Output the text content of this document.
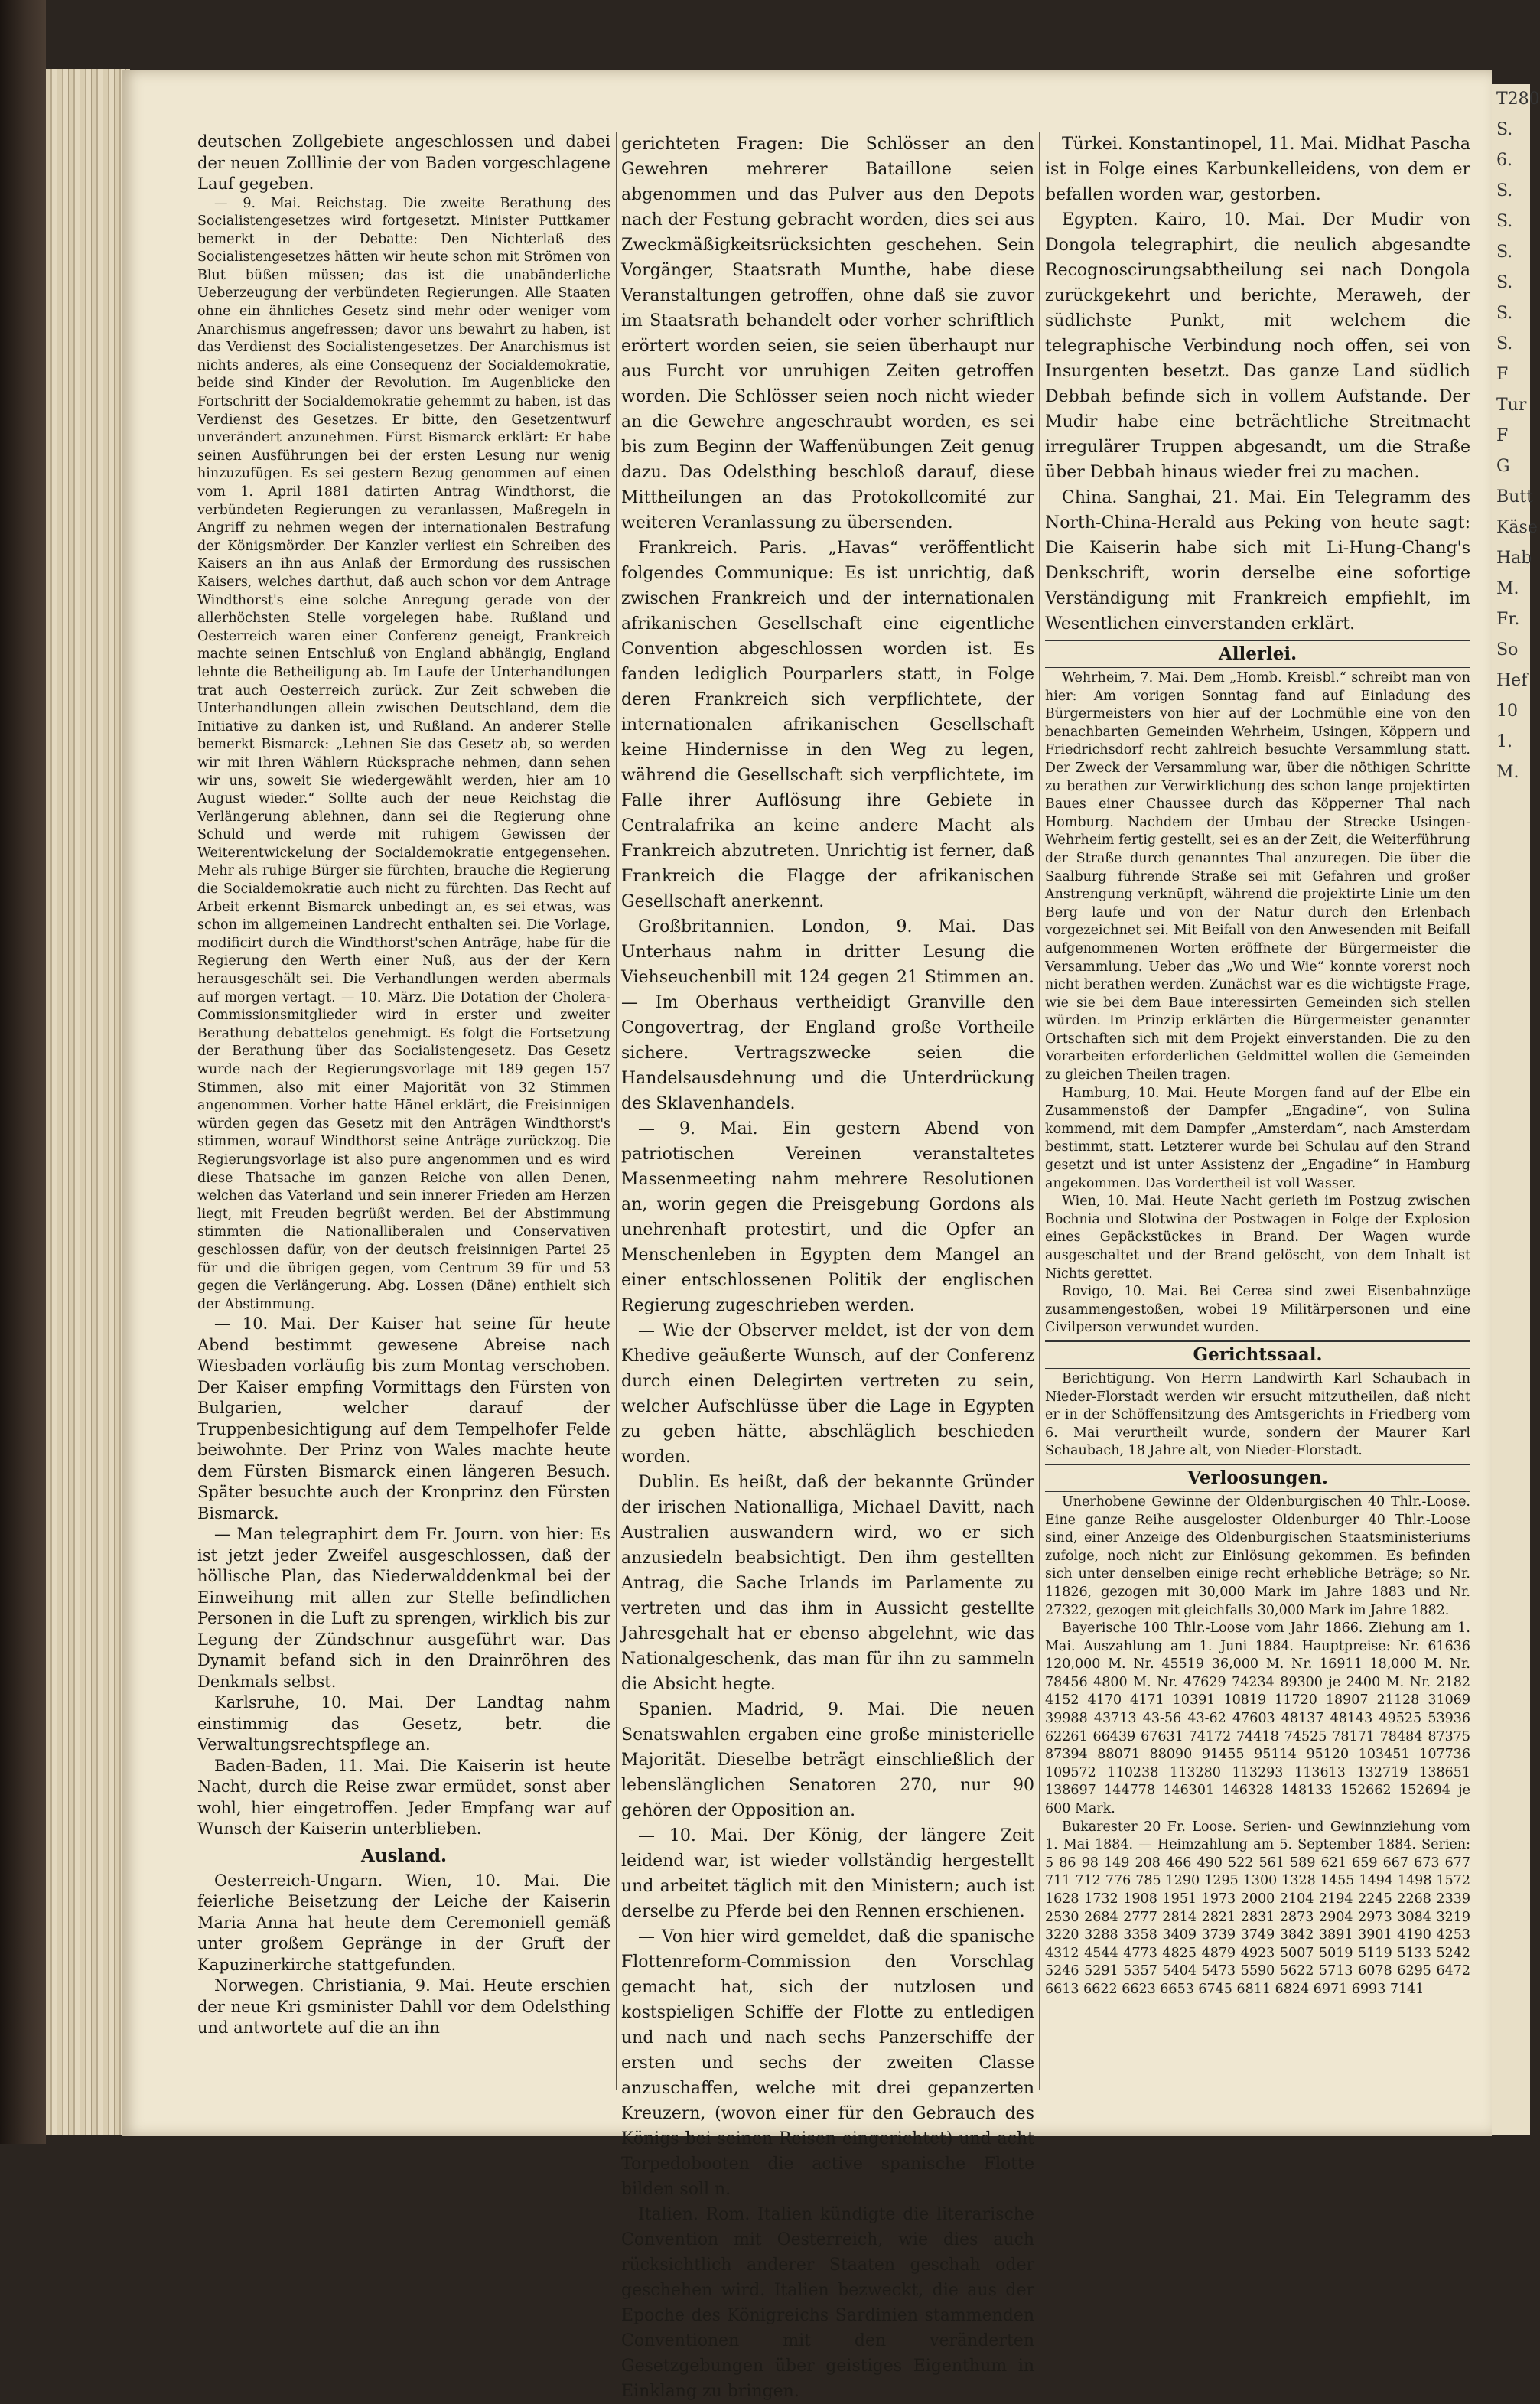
T280
S.
6.
S.
S.
S.
S.
S.
S.
F
Tur
F
G
Butt
Käse
Hab
M.
Fr.
So
Hef
10
1.
M.

deutschen Zollgebiete angeschlossen und dabei der neuen Zolllinie der von Baden vorgeschlagene Lauf gegeben.

— 9. Mai. Reichstag. Die zweite Berathung des Socialistengesetzes wird fortgesetzt. Minister Puttkamer bemerkt in der Debatte: Den Nichterlaß des Socialistengesetzes hätten wir heute schon mit Strömen von Blut büßen müssen; das ist die unabänderliche Ueberzeugung der verbündeten Regierungen. Alle Staaten ohne ein ähnliches Gesetz sind mehr oder weniger vom Anarchismus angefressen; davor uns bewahrt zu haben, ist das Verdienst des Socialistengesetzes. Der Anarchismus ist nichts anderes, als eine Consequenz der Socialdemokratie, beide sind Kinder der Revolution. Im Augenblicke den Fortschritt der Socialdemokratie gehemmt zu haben, ist das Verdienst des Gesetzes. Er bitte, den Gesetzentwurf unverändert anzunehmen. Fürst Bismarck erklärt: Er habe seinen Ausführungen bei der ersten Lesung nur wenig hinzuzufügen. Es sei gestern Bezug genommen auf einen vom 1. April 1881 datirten Antrag Windthorst, die verbündeten Regierungen zu veranlassen, Maßregeln in Angriff zu nehmen wegen der internationalen Bestrafung der Königsmörder. Der Kanzler verliest ein Schreiben des Kaisers an ihn aus Anlaß der Ermordung des russischen Kaisers, welches darthut, daß auch schon vor dem Antrage Windthorst's eine solche Anregung gerade von der allerhöchsten Stelle vorgelegen habe. Rußland und Oesterreich waren einer Conferenz geneigt, Frankreich machte seinen Entschluß von England abhängig, England lehnte die Betheiligung ab. Im Laufe der Unterhandlungen trat auch Oesterreich zurück. Zur Zeit schweben die Unterhandlungen allein zwischen Deutschland, dem die Initiative zu danken ist, und Rußland. An anderer Stelle bemerkt Bismarck: „Lehnen Sie das Gesetz ab, so werden wir mit Ihren Wählern Rücksprache nehmen, dann sehen wir uns, soweit Sie wiedergewählt werden, hier am 10 August wieder.“ Sollte auch der neue Reichstag die Verlängerung ablehnen, dann sei die Regierung ohne Schuld und werde mit ruhigem Gewissen der Weiterentwickelung der Socialdemokratie entgegensehen. Mehr als ruhige Bürger sie fürchten, brauche die Regierung die Socialdemokratie auch nicht zu fürchten. Das Recht auf Arbeit erkennt Bismarck unbedingt an, es sei etwas, was schon im allgemeinen Landrecht enthalten sei. Die Vorlage, modificirt durch die Windthorst'schen Anträge, habe für die Regierung den Werth einer Nuß, aus der der Kern herausgeschält sei. Die Verhandlungen werden abermals auf morgen vertagt. — 10. März. Die Dotation der Cholera-Commissionsmitglieder wird in erster und zweiter Berathung debattelos genehmigt. Es folgt die Fortsetzung der Berathung über das Socialistengesetz. Das Gesetz wurde nach der Regierungsvorlage mit 189 gegen 157 Stimmen, also mit einer Majorität von 32 Stimmen angenommen. Vorher hatte Hänel erklärt, die Freisinnigen würden gegen das Gesetz mit den Anträgen Windthorst's stimmen, worauf Windthorst seine Anträge zurückzog. Die Regierungsvorlage ist also pure angenommen und es wird diese Thatsache im ganzen Reiche von allen Denen, welchen das Vaterland und sein innerer Frieden am Herzen liegt, mit Freuden begrüßt werden. Bei der Abstimmung stimmten die Nationalliberalen und Conservativen geschlossen dafür, von der deutsch freisinnigen Partei 25 für und die übrigen gegen, vom Centrum 39 für und 53 gegen die Verlängerung. Abg. Lossen (Däne) enthielt sich der Abstimmung.

— 10. Mai. Der Kaiser hat seine für heute Abend bestimmt gewesene Abreise nach Wiesbaden vorläufig bis zum Montag verschoben. Der Kaiser empfing Vormittags den Fürsten von Bulgarien, welcher darauf der Truppenbesichtigung auf dem Tempelhofer Felde beiwohnte. Der Prinz von Wales machte heute dem Fürsten Bismarck einen längeren Besuch. Später besuchte auch der Kronprinz den Fürsten Bismarck.

— Man telegraphirt dem Fr. Journ. von hier: Es ist jetzt jeder Zweifel ausgeschlossen, daß der höllische Plan, das Niederwalddenkmal bei der Einweihung mit allen zur Stelle befindlichen Personen in die Luft zu sprengen, wirklich bis zur Legung der Zündschnur ausgeführt war. Das Dynamit befand sich in den Drainröhren des Denkmals selbst.

Karlsruhe, 10. Mai. Der Landtag nahm einstimmig das Gesetz, betr. die Verwaltungsrechtspflege an.

Baden-Baden, 11. Mai. Die Kaiserin ist heute Nacht, durch die Reise zwar ermüdet, sonst aber wohl, hier eingetroffen. Jeder Empfang war auf Wunsch der Kaiserin unterblieben.

Ausland.

Oesterreich-Ungarn. Wien, 10. Mai. Die feierliche Beisetzung der Leiche der Kaiserin Maria Anna hat heute dem Ceremoniell gemäß unter großem Gepränge in der Gruft der Kapuzinerkirche stattgefunden.

Norwegen. Christiania, 9. Mai. Heute erschien der neue Kri gsminister Dahll vor dem Odelsthing und antwortete auf die an ihn

gerichteten Fragen: Die Schlösser an den Gewehren mehrerer Bataillone seien abgenommen und das Pulver aus den Depots nach der Festung gebracht worden, dies sei aus Zweckmäßigkeitsrücksichten geschehen. Sein Vorgänger, Staatsrath Munthe, habe diese Veranstaltungen getroffen, ohne daß sie zuvor im Staatsrath behandelt oder vorher schriftlich erörtert worden seien, sie seien überhaupt nur aus Furcht vor unruhigen Zeiten getroffen worden. Die Schlösser seien noch nicht wieder an die Gewehre angeschraubt worden, es sei bis zum Beginn der Waffenübungen Zeit genug dazu. Das Odelsthing beschloß darauf, diese Mittheilungen an das Protokollcomité zur weiteren Veranlassung zu übersenden.

Frankreich. Paris. „Havas“ veröffentlicht folgendes Communique: Es ist unrichtig, daß zwischen Frankreich und der internationalen afrikanischen Gesellschaft eine eigentliche Convention abgeschlossen worden ist. Es fanden lediglich Pourparlers statt, in Folge deren Frankreich sich verpflichtete, der internationalen afrikanischen Gesellschaft keine Hindernisse in den Weg zu legen, während die Gesellschaft sich verpflichtete, im Falle ihrer Auflösung ihre Gebiete in Centralafrika an keine andere Macht als Frankreich abzutreten. Unrichtig ist ferner, daß Frankreich die Flagge der afrikanischen Gesellschaft anerkennt.

Großbritannien. London, 9. Mai. Das Unterhaus nahm in dritter Lesung die Viehseuchenbill mit 124 gegen 21 Stimmen an. — Im Oberhaus vertheidigt Granville den Congovertrag, der England große Vortheile sichere. Vertragszwecke seien die Handelsausdehnung und die Unterdrückung des Sklavenhandels.

— 9. Mai. Ein gestern Abend von patriotischen Vereinen veranstaltetes Massenmeeting nahm mehrere Resolutionen an, worin gegen die Preisgebung Gordons als unehrenhaft protestirt, und die Opfer an Menschenleben in Egypten dem Mangel an einer entschlossenen Politik der englischen Regierung zugeschrieben werden.

— Wie der Observer meldet, ist der von dem Khedive geäußerte Wunsch, auf der Conferenz durch einen Delegirten vertreten zu sein, welcher Aufschlüsse über die Lage in Egypten zu geben hätte, abschläglich beschieden worden.

Dublin. Es heißt, daß der bekannte Gründer der irischen Nationalliga, Michael Davitt, nach Australien auswandern wird, wo er sich anzusiedeln beabsichtigt. Den ihm gestellten Antrag, die Sache Irlands im Parlamente zu vertreten und das ihm in Aussicht gestellte Jahresgehalt hat er ebenso abgelehnt, wie das Nationalgeschenk, das man für ihn zu sammeln die Absicht hegte.

Spanien. Madrid, 9. Mai. Die neuen Senatswahlen ergaben eine große ministerielle Majorität. Dieselbe beträgt einschließlich der lebenslänglichen Senatoren 270, nur 90 gehören der Opposition an.

— 10. Mai. Der König, der längere Zeit leidend war, ist wieder vollständig hergestellt und arbeitet täglich mit den Ministern; auch ist derselbe zu Pferde bei den Rennen erschienen.

— Von hier wird gemeldet, daß die spanische Flottenreform-Commission den Vorschlag gemacht hat, sich der nutzlosen und kostspieligen Schiffe der Flotte zu entledigen und nach und nach sechs Panzerschiffe der ersten und sechs der zweiten Classe anzuschaffen, welche mit drei gepanzerten Kreuzern, (wovon einer für den Gebrauch des Königs bei seinen Reisen eingerichtet) und acht Torpedobooten die active spanische Flotte bilden soll n.

Italien. Rom. Italien kündigte die literarische Convention mit Oesterreich, wie dies auch rücksichtlich anderer Staaten geschah oder geschehen wird. Italien bezweckt, die aus der Epoche des Königreichs Sardinien stammenden Conventionen mit den veränderten Gesetzgebungen über geistiges Eigenthum in Einklang zu bringen.

Türkei. Konstantinopel, 11. Mai. Midhat Pascha ist in Folge eines Karbunkelleidens, von dem er befallen worden war, gestorben.

Egypten. Kairo, 10. Mai. Der Mudir von Dongola telegraphirt, die neulich abgesandte Recognoscirungsabtheilung sei nach Dongola zurückgekehrt und berichte, Meraweh, der südlichste Punkt, mit welchem die telegraphische Verbindung noch offen, sei von Insurgenten besetzt. Das ganze Land südlich Debbah befinde sich in vollem Aufstande. Der Mudir habe eine beträchtliche Streitmacht irregulärer Truppen abgesandt, um die Straße über Debbah hinaus wieder frei zu machen.

China. Sanghai, 21. Mai. Ein Telegramm des North-China-Herald aus Peking von heute sagt: Die Kaiserin habe sich mit Li-Hung-Chang's Denkschrift, worin derselbe eine sofortige Verständigung mit Frankreich empfiehlt, im Wesentlichen einverstanden erklärt.

Allerlei.

Wehrheim, 7. Mai. Dem „Homb. Kreisbl.“ schreibt man von hier: Am vorigen Sonntag fand auf Einladung des Bürgermeisters von hier auf der Lochmühle eine von den benachbarten Gemeinden Wehrheim, Usingen, Köppern und Friedrichsdorf recht zahlreich besuchte Versammlung statt. Der Zweck der Versammlung war, über die nöthigen Schritte zu berathen zur Verwirklichung des schon lange projektirten Baues einer Chaussee durch das Köpperner Thal nach Homburg. Nachdem der Umbau der Strecke Usingen-Wehrheim fertig gestellt, sei es an der Zeit, die Weiterführung der Straße durch genanntes Thal anzuregen. Die über die Saalburg führende Straße sei mit Gefahren und großer Anstrengung verknüpft, während die projektirte Linie um den Berg laufe und von der Natur durch den Erlenbach vorgezeichnet sei. Mit Beifall von den Anwesenden mit Beifall aufgenommenen Worten eröffnete der Bürgermeister die Versammlung. Ueber das „Wo und Wie“ konnte vorerst noch nicht berathen werden. Zunächst war es die wichtigste Frage, wie sie bei dem Baue interessirten Gemeinden sich stellen würden. Im Prinzip erklärten die Bürgermeister genannter Ortschaften sich mit dem Projekt einverstanden. Die zu den Vorarbeiten erforderlichen Geldmittel wollen die Gemeinden zu gleichen Theilen tragen.

Hamburg, 10. Mai. Heute Morgen fand auf der Elbe ein Zusammenstoß der Dampfer „Engadine“, von Sulina kommend, mit dem Dampfer „Amsterdam“, nach Amsterdam bestimmt, statt. Letzterer wurde bei Schulau auf den Strand gesetzt und ist unter Assistenz der „Engadine“ in Hamburg angekommen. Das Vordertheil ist voll Wasser.

Wien, 10. Mai. Heute Nacht gerieth im Postzug zwischen Bochnia und Slotwina der Postwagen in Folge der Explosion eines Gepäckstückes in Brand. Der Wagen wurde ausgeschaltet und der Brand gelöscht, von dem Inhalt ist Nichts gerettet.

Rovigo, 10. Mai. Bei Cerea sind zwei Eisenbahnzüge zusammengestoßen, wobei 19 Militärpersonen und eine Civilperson verwundet wurden.

Gerichtssaal.

Berichtigung. Von Herrn Landwirth Karl Schaubach in Nieder-Florstadt werden wir ersucht mitzutheilen, daß nicht er in der Schöffensitzung des Amtsgerichts in Friedberg vom 6. Mai verurtheilt wurde, sondern der Maurer Karl Schaubach, 18 Jahre alt, von Nieder-Florstadt.

Verloosungen.

Unerhobene Gewinne der Oldenburgischen 40 Thlr.-Loose. Eine ganze Reihe ausgeloster Oldenburger 40 Thlr.-Loose sind, einer Anzeige des Oldenburgischen Staatsministeriums zufolge, noch nicht zur Einlösung gekommen. Es befinden sich unter denselben einige recht erhebliche Beträge; so Nr. 11826, gezogen mit 30,000 Mark im Jahre 1883 und Nr. 27322, gezogen mit gleichfalls 30,000 Mark im Jahre 1882.

Bayerische 100 Thlr.-Loose vom Jahr 1866. Ziehung am 1. Mai. Auszahlung am 1. Juni 1884. Hauptpreise: Nr. 61636 120,000 M. Nr. 45519 36,000 M. Nr. 16911 18,000 M. Nr. 78456 4800 M. Nr. 47629 74234 89300 je 2400 M. Nr. 2182 4152 4170 4171 10391 10819 11720 18907 21128 31069 39988 43713 43-56 43-62 47603 48137 48143 49525 53936 62261 66439 67631 74172 74418 74525 78171 78484 87375 87394 88071 88090 91455 95114 95120 103451 107736 109572 110238 113280 113293 113613 132719 138651 138697 144778 146301 146328 148133 152662 152694 je 600 Mark.

Bukarester 20 Fr. Loose. Serien- und Gewinnziehung vom 1. Mai 1884. — Heimzahlung am 5. September 1884. Serien: 5 86 98 149 208 466 490 522 561 589 621 659 667 673 677 711 712 776 785 1290 1295 1300 1328 1455 1494 1498 1572 1628 1732 1908 1951 1973 2000 2104 2194 2245 2268 2339 2530 2684 2777 2814 2821 2831 2873 2904 2973 3084 3219 3220 3288 3358 3409 3739 3749 3842 3891 3901 4190 4253 4312 4544 4773 4825 4879 4923 5007 5019 5119 5133 5242 5246 5291 5357 5404 5473 5590 5622 5713 6078 6295 6472 6613 6622 6623 6653 6745 6811 6824 6971 6993 7141
